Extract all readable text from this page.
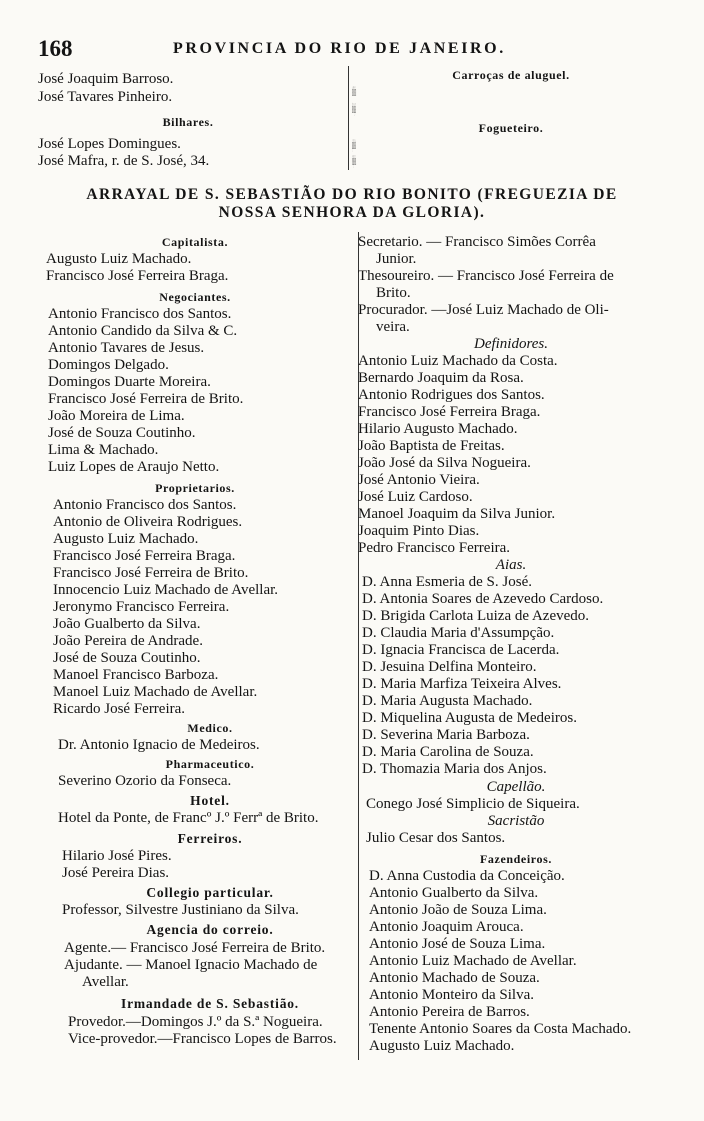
168	PROVINCIA DO RIO DE JANEIRO.
José Joaquim Barroso.
José Tavares Pinheiro.
Bilhares.
José Lopes Domingues.
José Mafra, r. de S. José, 34.
Carroças de aluguel.
Antonio Ribeiro Coimbra
Ildefonso de Souza Magalhães.
Fogueteiro.
Joaquim Barboza de Mattos.
Silverio Reginaldo de Vasconcellos.
ARRAYAL DE S. SEBASTIÃO DO RIO BONITO (FREGUEZIA DE
NOSSA SENHORA DA GLORIA).
Capitalista.
Augusto Luiz Machado.
Francisco José Ferreira Braga.
Negociantes.
Antonio Francisco dos Santos.
Antonio Candido da Silva & C.
Antonio Tavares de Jesus.
Domingos Delgado.
Domingos Duarte Moreira.
Francisco José Ferreira de Brito.
João Moreira de Lima.
José de Souza Coutinho.
Lima & Machado.
Luiz Lopes de Araujo Netto.
Proprietarios.
Antonio Francisco dos Santos.
Antonio de Oliveira Rodrigues.
Augusto Luiz Machado.
Francisco José Ferreira Braga.
Francisco José Ferreira de Brito.
Innocencio Luiz Machado de Avellar.
Jeronymo Francisco Ferreira.
João Gualberto da Silva.
João Pereira de Andrade.
José de Souza Coutinho.
Manoel Francisco Barboza.
Manoel Luiz Machado de Avellar.
Ricardo José Ferreira.
Medico.
Dr. Antonio Ignacio de Medeiros.
Pharmaceutico.
Severino Ozorio da Fonseca.
Hotel.
Hotel da Ponte, de Francº J.º Ferrª de Brito.
Ferreiros.
Hilario José Pires.
José Pereira Dias.
Collegio particular.
Professor, Silvestre Justiniano da Silva.
Agencia do correio.
Agente.— Francisco José Ferreira de Brito.
Ajudante. — Manoel Ignacio Machado de
Avellar.
Irmandade de S. Sebastião.
Provedor.—Domingos J.º da S.ª Nogueira.
Vice-provedor.—Francisco Lopes de Barros.
Secretario. — Francisco Simões Corrêa
Junior.
Thesoureiro. — Francisco José Ferreira de
Brito.
Procurador. —José Luiz Machado de Oli-
veira.
Definidores.
Antonio Luiz Machado da Costa.
Bernardo Joaquim da Rosa.
Antonio Rodrigues dos Santos.
Francisco José Ferreira Braga.
Hilario Augusto Machado.
João Baptista de Freitas.
João José da Silva Nogueira.
José Antonio Vieira.
José Luiz Cardoso.
Manoel Joaquim da Silva Junior.
Joaquim Pinto Dias.
Pedro Francisco Ferreira.
Aias.
D. Anna Esmeria de S. José.
D. Antonia Soares de Azevedo Cardoso.
D. Brigida Carlota Luiza de Azevedo.
D. Claudia Maria d'Assumpção.
D. Ignacia Francisca de Lacerda.
D. Jesuina Delfina Monteiro.
D. Maria Marfiza Teixeira Alves.
D. Maria Augusta Machado.
D. Miquelina Augusta de Medeiros.
D. Severina Maria Barboza.
D. Maria Carolina de Souza.
D. Thomazia Maria dos Anjos.
Capellão.
Conego José Simplicio de Siqueira.
Sacristão
Julio Cesar dos Santos.
Fazendeiros.
D. Anna Custodia da Conceição.
Antonio Gualberto da Silva.
Antonio João de Souza Lima.
Antonio Joaquim Arouca.
Antonio José de Souza Lima.
Antonio Luiz Machado de Avellar.
Antonio Machado de Souza.
Antonio Monteiro da Silva.
Antonio Pereira de Barros.
Tenente Antonio Soares da Costa Machado.
Augusto Luiz Machado.
